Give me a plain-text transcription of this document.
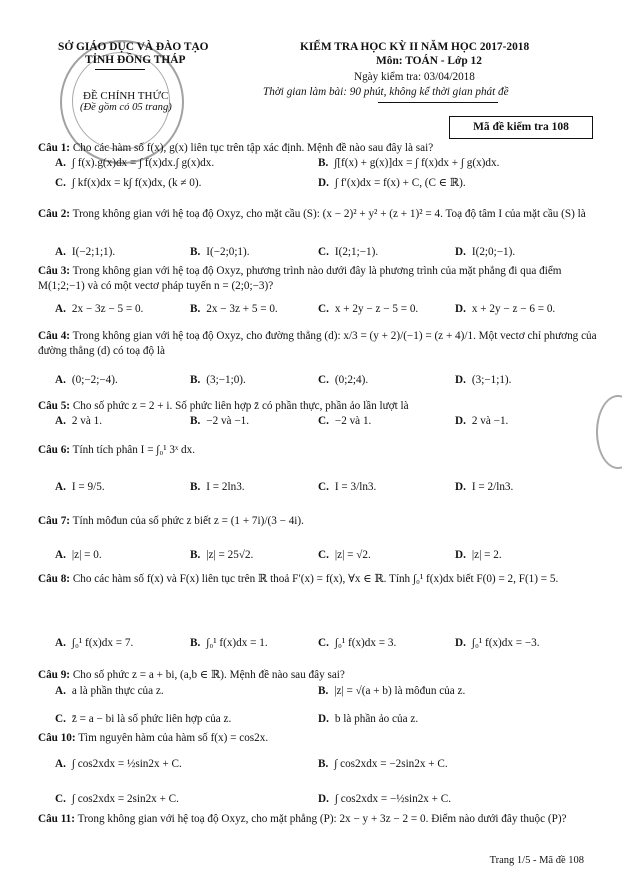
SỞ GIÁO DỤC VÀ ĐÀO TẠO
TỈNH ĐỒNG THÁP
ĐỀ CHÍNH THỨC
(Đề gồm có 05 trang)
KIỂM TRA HỌC KỲ II NĂM HỌC 2017-2018
Môn: TOÁN - Lớp 12
Ngày kiểm tra: 03/04/2018
Thời gian làm bài: 90 phút, không kể thời gian phát đề
Mã đề kiểm tra 108
Câu 1: Cho các hàm số f(x), g(x) liên tục trên tập xác định. Mệnh đề nào sau đây là sai?
A. ∫ f(x).g(x)dx = ∫ f(x)dx.∫ g(x)dx.	B. ∫[f(x) + g(x)]dx = ∫ f(x)dx + ∫ g(x)dx.
C. ∫ kf(x)dx = k∫ f(x)dx, (k ≠ 0).	D. ∫ f′(x)dx = f(x) + C, (C ∈ ℝ).
Câu 2: Trong không gian với hệ toạ độ Oxyz, cho mặt cầu (S): (x − 2)² + y² + (z + 1)² = 4. Toạ độ tâm I của mặt cầu (S) là
A. I(−2;1;1).	B. I(−2;0;1).	C. I(2;1;−1).	D. I(2;0;−1).
Câu 3: Trong không gian với hệ toạ độ Oxyz, phương trình nào dưới đây là phương trình của mặt phẳng đi qua điểm M(1;2;−1) và có một vectơ pháp tuyến n = (2;0;−3)?
A. 2x − 3z − 5 = 0.	B. 2x − 3z + 5 = 0.	C. x + 2y − z − 5 = 0.	D. x + 2y − z − 6 = 0.
Câu 4: Trong không gian với hệ toạ độ Oxyz, cho đường thẳng (d): x/3 = (y + 2)/(−1) = (z + 4)/1. Một vectơ chỉ phương của đường thẳng (d) có toạ độ là
A. (0;−2;−4).	B. (3;−1;0).	C. (0;2;4).	D. (3;−1;1).
Câu 5: Cho số phức z = 2 + i. Số phức liên hợp z̄ có phần thực, phần ảo lần lượt là
A. 2 và 1.	B. −2 và −1.	C. −2 và 1.	D. 2 và −1.
Câu 6: Tính tích phân I = ∫₀¹ 3ˣ dx.
A. I = 9/5.	B. I = 2ln3.	C. I = 3/ln3.	D. I = 2/ln3.
Câu 7: Tính môđun của số phức z biết z = (1 + 7i)/(3 − 4i).
A. |z| = 0.	B. |z| = 25√2.	C. |z| = √2.	D. |z| = 2.
Câu 8: Cho các hàm số f(x) và F(x) liên tục trên ℝ thoả F′(x) = f(x), ∀x ∈ ℝ. Tính ∫₀¹ f(x)dx biết F(0) = 2, F(1) = 5.
A. ∫₀¹ f(x)dx = 7.	B. ∫₀¹ f(x)dx = 1.	C. ∫₀¹ f(x)dx = 3.	D. ∫₀¹ f(x)dx = −3.
Câu 9: Cho số phức z = a + bi, (a,b ∈ ℝ). Mệnh đề nào sau đây sai?
A. a là phần thực của z.	B. |z| = √(a + b) là môđun của z.
C. z̄ = a − bi là số phức liên hợp của z.	D. b là phần ảo của z.
Câu 10: Tìm nguyên hàm của hàm số f(x) = cos2x.
A. ∫ cos2xdx = ½sin2x + C.	B. ∫ cos2xdx = −2sin2x + C.
C. ∫ cos2xdx = 2sin2x + C.	D. ∫ cos2xdx = −½sin2x + C.
Câu 11: Trong không gian với hệ toạ độ Oxyz, cho mặt phẳng (P): 2x − y + 3z − 2 = 0. Điểm nào dưới đây thuộc (P)?
Trang 1/5 - Mã đề 108
